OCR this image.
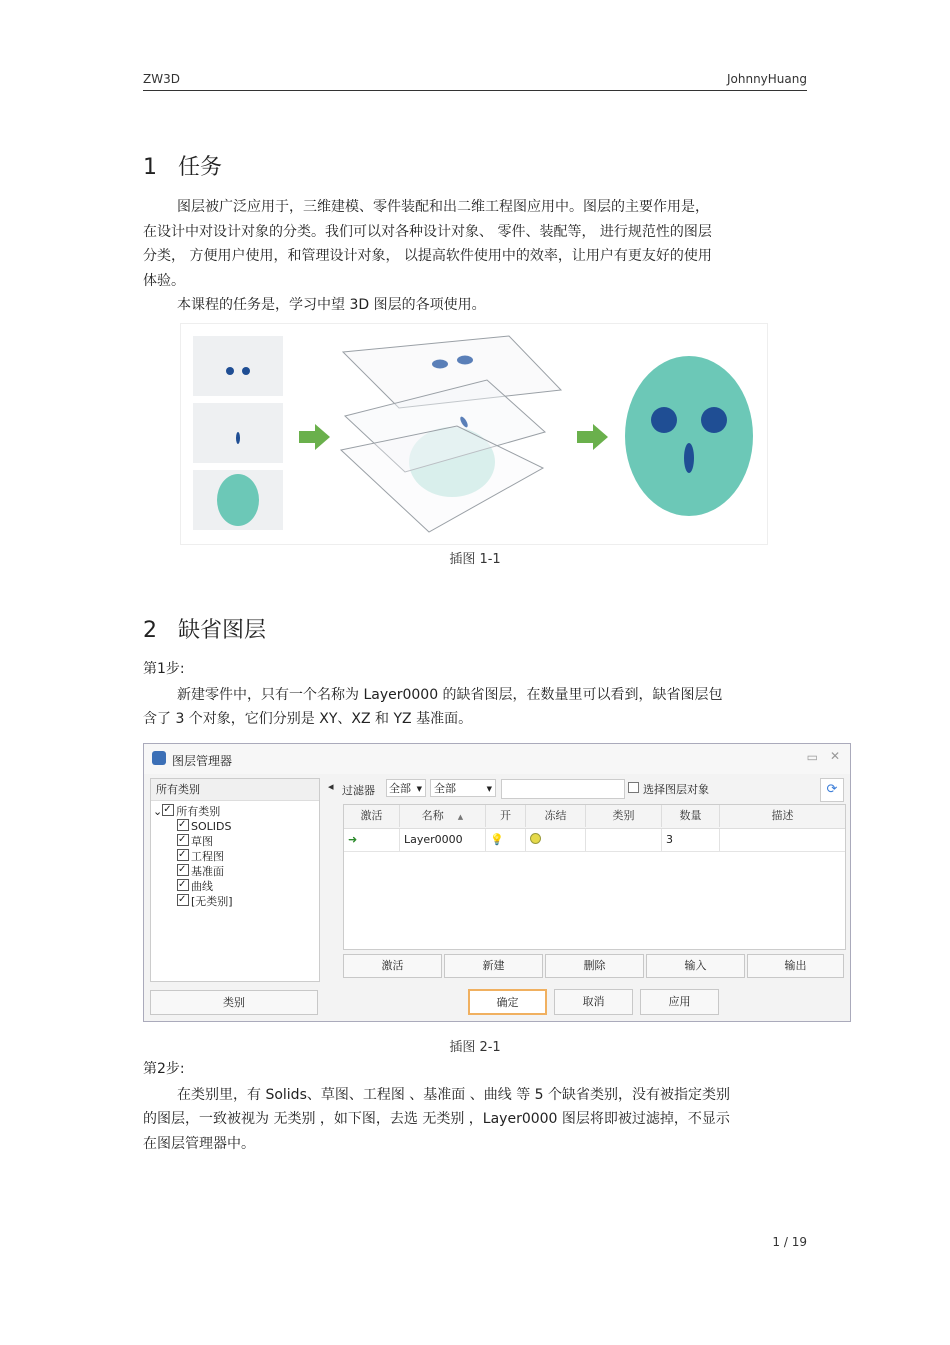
ZW3D	JohnnyHuang
1 任务
图层被广泛应用于，三维建模、零件装配和出二维工程图应用中。图层的主要作用是，
在设计中对设计对象的分类。我们可以对各种设计对象、 零件、装配等， 进行规范性的图层
分类， 方便用户使用，和管理设计对象， 以提高软件使用中的效率，让用户有更友好的使用
体验。
本课程的任务是，学习中望 3D 图层的各项使用。
插图 1-1
2 缺省图层
第1步:
新建零件中，只有一个名称为 Layer0000 的缺省图层，在数量里可以看到，缺省图层包
含了 3 个对象，它们分别是 XY、XZ 和 YZ 基准面。
图层管理器	▭ ✕
所有类别
⌄✓ 所有类别
✓SOLIDS
✓草图
✓工程图
✓基准面
✓曲线
✓[无类别]
类别
◂ 过滤器 全部 ▼	全部	▼	选择图层对象	⟳
激活	名称 ▲	开	冻结	类别	数量	描述
➜	Layer0000	💡	3
激活	新建	删除	输入	输出
确定	取消	应用
插图 2-1
第2步:
在类别里，有 Solids、草图、工程图 、基准面 、曲线 等 5 个缺省类别，没有被指定类别
的图层，一致被视为 无类别 ，如下图，去选 无类别 ，Layer0000 图层将即被过滤掉，不显示
在图层管理器中。
1 / 19
